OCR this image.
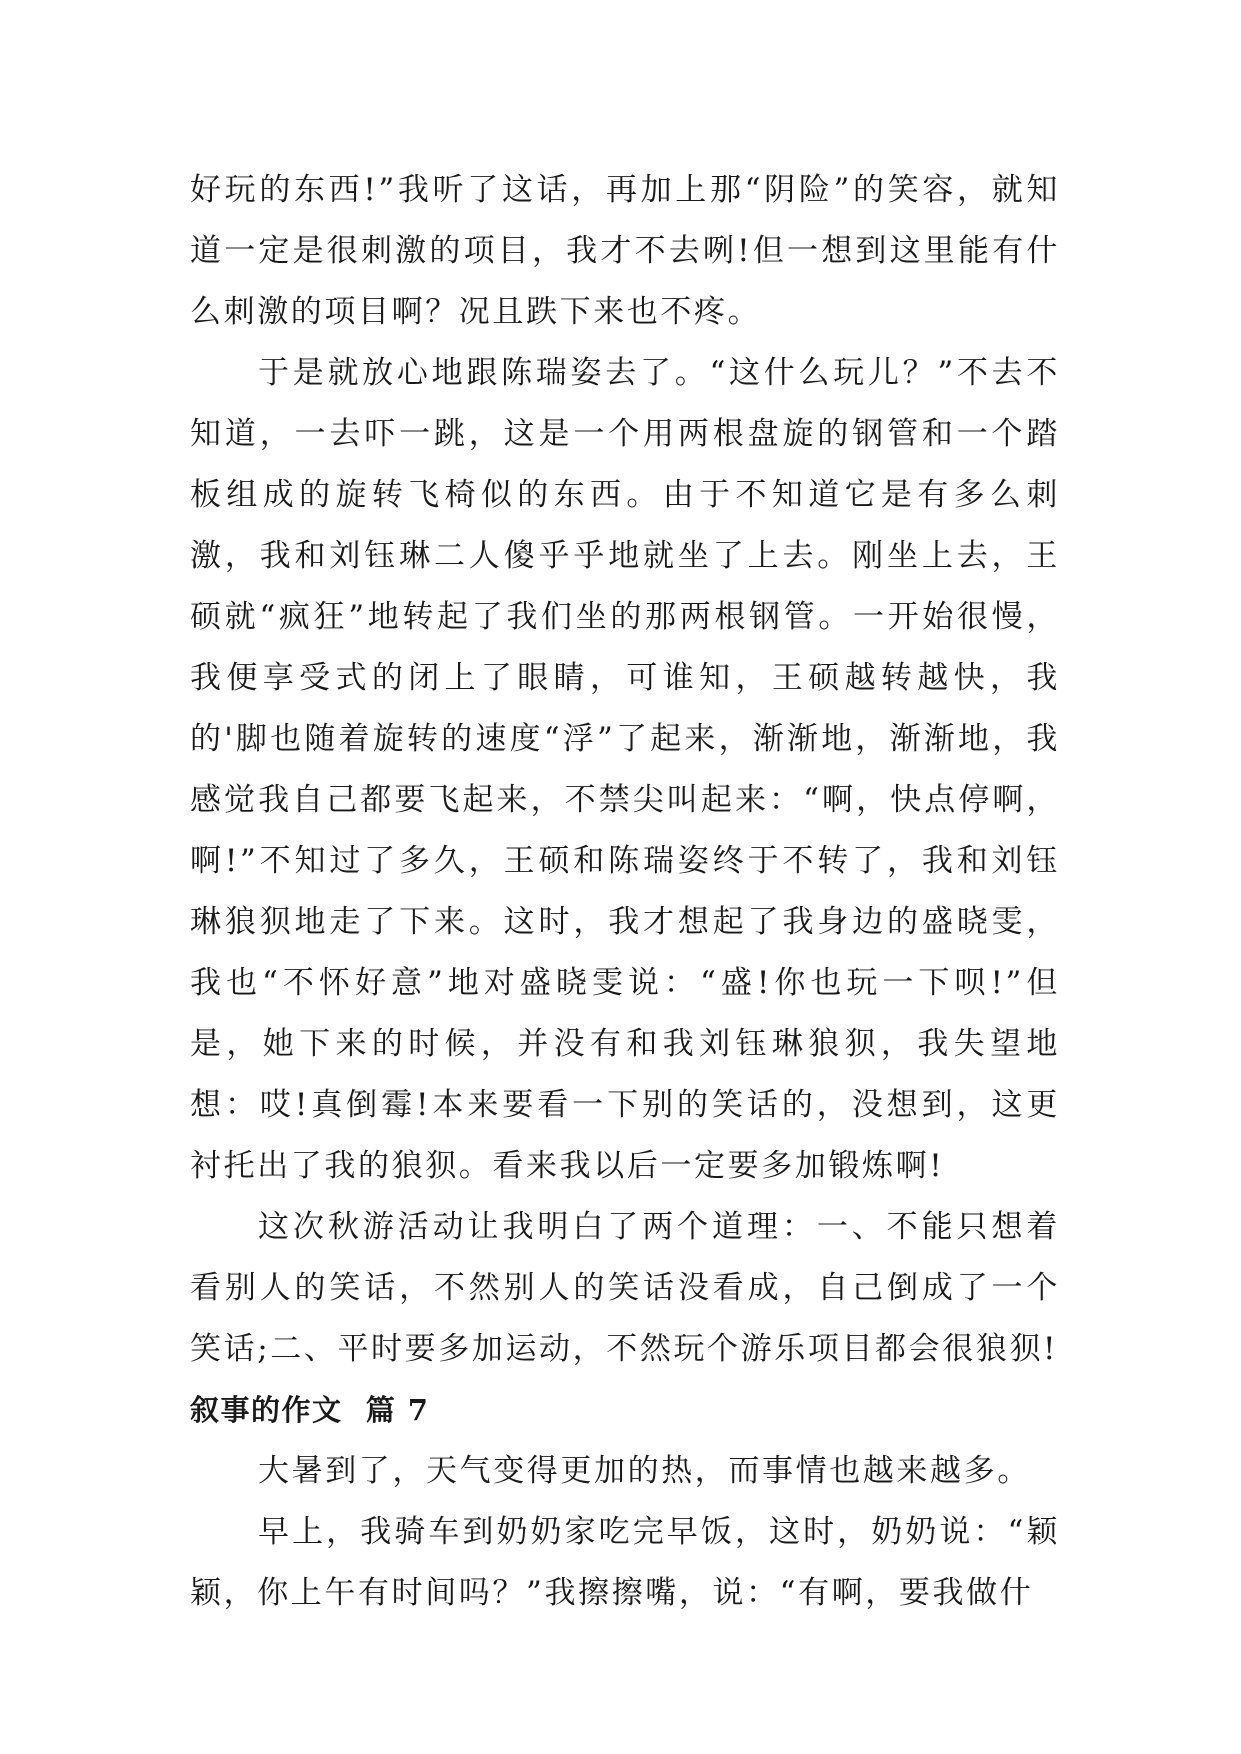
好玩的东西!”我听了这话，再加上那“阴险”的笑容，就知道一定是很刺激的项目，我才不去咧!但一想到这里能有什么刺激的项目啊？况且跌下来也不疼。

于是就放心地跟陈瑞姿去了。“这什么玩儿？”不去不知道，一去吓一跳，这是一个用两根盘旋的钢管和一个踏板组成的旋转飞椅似的东西。由于不知道它是有多么刺激，我和刘钰琳二人傻乎乎地就坐了上去。刚坐上去，王硕就“疯狂”地转起了我们坐的那两根钢管。一开始很慢，我便享受式的闭上了眼睛，可谁知，王硕越转越快，我的'脚也随着旋转的速度“浮”了起来，渐渐地，渐渐地，我感觉我自己都要飞起来，不禁尖叫起来：“啊，快点停啊，啊!”不知过了多久，王硕和陈瑞姿终于不转了，我和刘钰琳狼狈地走了下来。这时，我才想起了我身边的盛晓雯，我也“不怀好意”地对盛晓雯说：“盛!你也玩一下呗!”但是，她下来的时候，并没有和我刘钰琳狼狈，我失望地想：哎!真倒霉!本来要看一下别的笑话的，没想到，这更衬托出了我的狼狈。看来我以后一定要多加锻炼啊!

这次秋游活动让我明白了两个道理：一、不能只想着看别人的笑话，不然别人的笑话没看成，自己倒成了一个笑话;二、平时要多加运动，不然玩个游乐项目都会很狼狈!

叙事的作文  篇 7

大暑到了，天气变得更加的热，而事情也越来越多。

早上，我骑车到奶奶家吃完早饭，这时，奶奶说：“颖颖，你上午有时间吗？”我擦擦嘴，说：“有啊，要我做什
